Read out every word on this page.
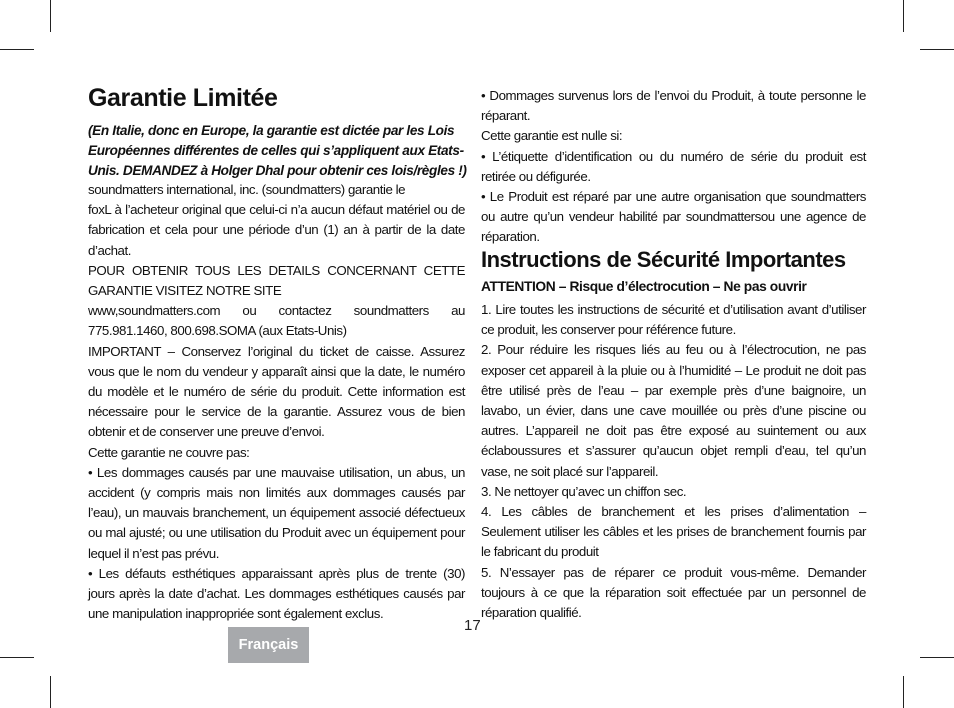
Garantie Limitée

(En Italie, donc en Europe, la garantie est dictée par les Lois Européennes différentes de celles qui s’appliquent aux Etats-Unis. DEMANDEZ à Holger Dhal pour obtenir ces lois/règles !)

soundmatters international, inc. (soundmatters) garantie le

foxL à l’acheteur original que celui-ci n’a aucun défaut matériel ou de fabrication et cela pour une période d’un (1) an à partir de la date d’achat.

POUR OBTENIR TOUS LES DETAILS CONCERNANT CETTE GARANTIE VISITEZ NOTRE SITE

www,soundmatters.com ou contactez soundmatters au 775.981.1460, 800.698.SOMA (aux Etats-Unis)

IMPORTANT – Conservez l’original du ticket de caisse. Assurez vous que le nom du vendeur y apparaît ainsi que la date, le numéro du modèle et le numéro de série du produit. Cette information est nécessaire pour le service de la garantie. Assurez vous de bien obtenir et de conserver une preuve d’envoi.

Cette garantie ne couvre pas:

• Les dommages causés par une mauvaise utilisation, un abus, un accident (y compris mais non limités aux dommages causés par l’eau), un mauvais branchement, un équipement associé défectueux ou mal ajusté; ou une utilisation du Produit avec un équipement pour lequel il n’est pas prévu.

• Les défauts esthétiques apparaissant après plus de trente (30) jours après la date d’achat. Les dommages esthétiques causés par une manipulation inappropriée sont également exclus.

• Dommages survenus lors de l’envoi du Produit, à toute personne le réparant.

Cette garantie est nulle si:

• L’étiquette d’identification ou du numéro de série du produit est retirée ou défigurée.

• Le Produit est réparé par une autre organisation que soundmatters ou autre qu’un vendeur habilité par soundmattersou une agence de réparation.

Instructions de Sécurité Importantes

ATTENTION – Risque d’électrocution – Ne pas ouvrir

1. Lire toutes les instructions de sécurité et d’utilisation avant d’utiliser ce produit, les conserver pour référence future.

2. Pour réduire les risques liés au feu ou à l’électrocution, ne pas exposer cet appareil à la pluie ou à l’humidité – Le produit ne doit pas être utilisé près de l’eau – par exemple près d’une baignoire, un lavabo, un évier, dans une cave mouillée ou près d’une piscine ou autres. L’appareil ne doit pas être exposé au suintement ou aux éclaboussures et s’assurer qu’aucun objet rempli d’eau, tel qu’un vase, ne soit placé sur l’appareil.

3. Ne nettoyer qu’avec un chiffon sec.

4. Les câbles de branchement et les prises d’alimentation – Seulement utiliser les câbles et les prises de branchement fournis par le fabricant du produit

5. N’essayer pas de réparer ce produit vous-même. Demander toujours à ce que la réparation soit effectuée par un personnel de réparation qualifié.

17
Français
